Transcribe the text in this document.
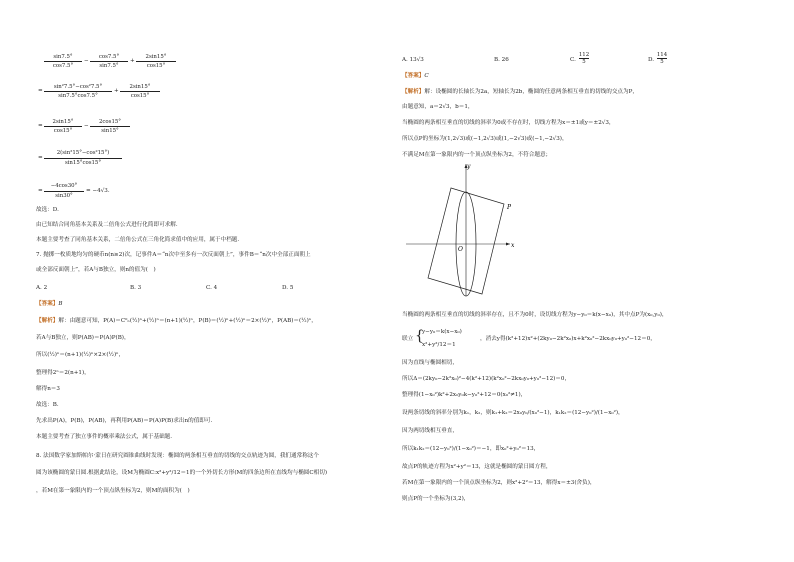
sin7.5°
cos7.5°
−
cos7.5°
sin7.5°
+
2sin15°
cos15°
=
sin²7.5°−cos²7.5°
sin7.5°cos7.5°
+
2sin15°
cos15°
=
2sin15°
cos15°
−
2cos15°
sin15°
=
2(sin²15°−cos²15°)
sin15°cos15°
=
−4cos30°
sin30°
= −4√3.
故选：D.
由已知结合同角基本关系及二倍角公式进行化简即可求解.
本题主要考查了同角基本关系，二倍角公式在三角化简求值中的应用，属于中档题.
7. 抛掷一枚质地均匀的硬币n(n≥2)次，记事件A＝“n次中至多有一次反面朝上”，事件B＝“n次中全部正面朝上
或全部反面朝上”，若A与B独立，则n的值为(　)
A. 2	B. 3	C. 4	D. 5
【答案】B
【解析】解：由题意可知，P(A)＝C⁰ₙ(½)ⁿ+(½)ⁿ＝(n+1)(½)ⁿ，P(B)＝(½)ⁿ+(½)ⁿ＝2×(½)ⁿ，P(AB)＝(½)ⁿ，
若A与B独立，则P(AB)＝P(A)P(B)，
所以(½)ⁿ＝(n+1)(½)ⁿ×2×(½)ⁿ，
整理得2ⁿ＝2(n+1)，
解得n＝3
故选：B.
先求出P(A)，P(B)，P(AB)，再利用P(AB)＝P(A)P(B)求出n的值即可.
本题主要考查了独立事件的概率乘法公式，属于基础题.
8. 法国数学家加斯帕尔·蒙日在研究圆锥曲线时发现：椭圆的两条相互垂直的切线的交点轨迹为圆，我们通常称这个
圆为该椭圆的蒙日圆.根据此结论，设M为椭圆C:x²+y²/12＝1的一个外切长方形(M的四条边所在直线均与椭圆C相切)
，若M在第一象限内的一个顶点纵坐标为2，则M的面积为(　)
A. 13√3	B. 26	C.
112
5	D.
114
5
【答案】C
【解析】解：设椭圆的长轴长为2a，短轴长为2b，椭圆的任意两条相互垂直的切线的交点为P，
由题意知，a＝2√3，b＝1，
当椭圆的两条相互垂直的切线的斜率为0或不存在时，切线方程为x＝±1或y＝±2√3，
所以点P的坐标为(1,2√3)或(−1,2√3)或(1,−2√3)或(−1,−2√3)，
不满足M在第一象限内的一个顶点纵坐标为2，不符合题意；
y
x
O
P
当椭圆的两条相互垂直的切线的斜率存在，且不为0时，设切线方程为y−y₀＝k(x−x₀)，其中点P为(x₀,y₀)，
联立 {
y−y₀＝k(x−x₀)
x²+y²/12＝1
，消去y得(k²+12)x²+(2ky₀−2k²x₀)x+k²x₀²−2kx₀y₀+y₀²−12＝0，
因为直线与椭圆相切，
所以Δ＝(2ky₀−2k²x₀)²−4(k²+12)(k²x₀²−2kx₀y₀+y₀²−12)＝0，
整理得(1−x₀²)k²+2x₀y₀k−y₀²+12＝0(x₀²≠1)，
设两条切线的斜率分别为k₁，k₂，则k₁+k₂＝2x₀y₀/(x₀²−1)，k₁k₂＝(12−y₀²)/(1−x₀²)，
因为两切线相互垂直，
所以k₁k₂＝(12−y₀²)/(1−x₀²)＝−1，即x₀²+y₀²＝13，
故点P的轨迹方程为x²+y²＝13，这就是椭圆的蒙日圆方程，
若M在第一象限内的一个顶点纵坐标为2，则x²+2²＝13，解得x＝±3(舍负)，
则点P的一个坐标为(3,2)，
